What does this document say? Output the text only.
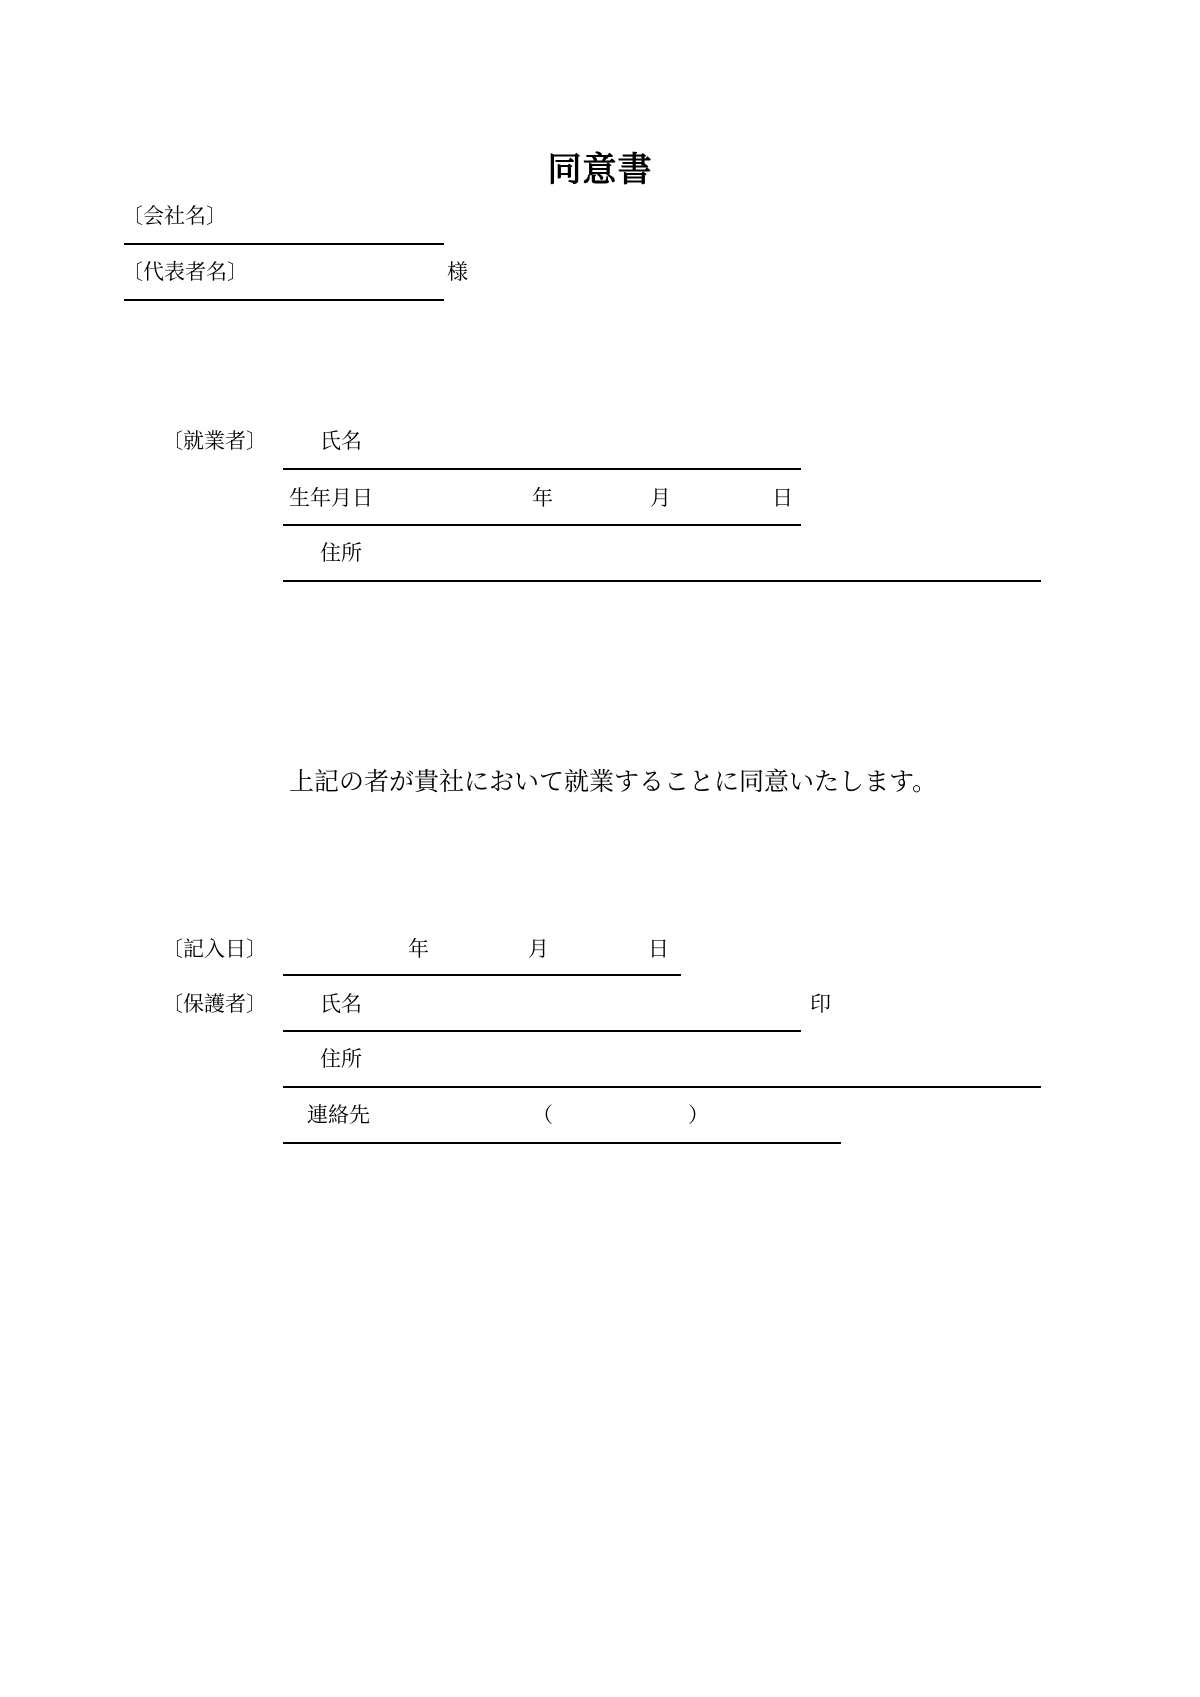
同意書
〔会社名〕
〔代表者名〕	様
〔就業者〕	氏名
生年月日	年	月	日
住所
上記の者が貴社において就業することに同意いたします。
〔記入日〕	年	月	日
〔保護者〕	氏名	印
住所
連絡先	（	）
